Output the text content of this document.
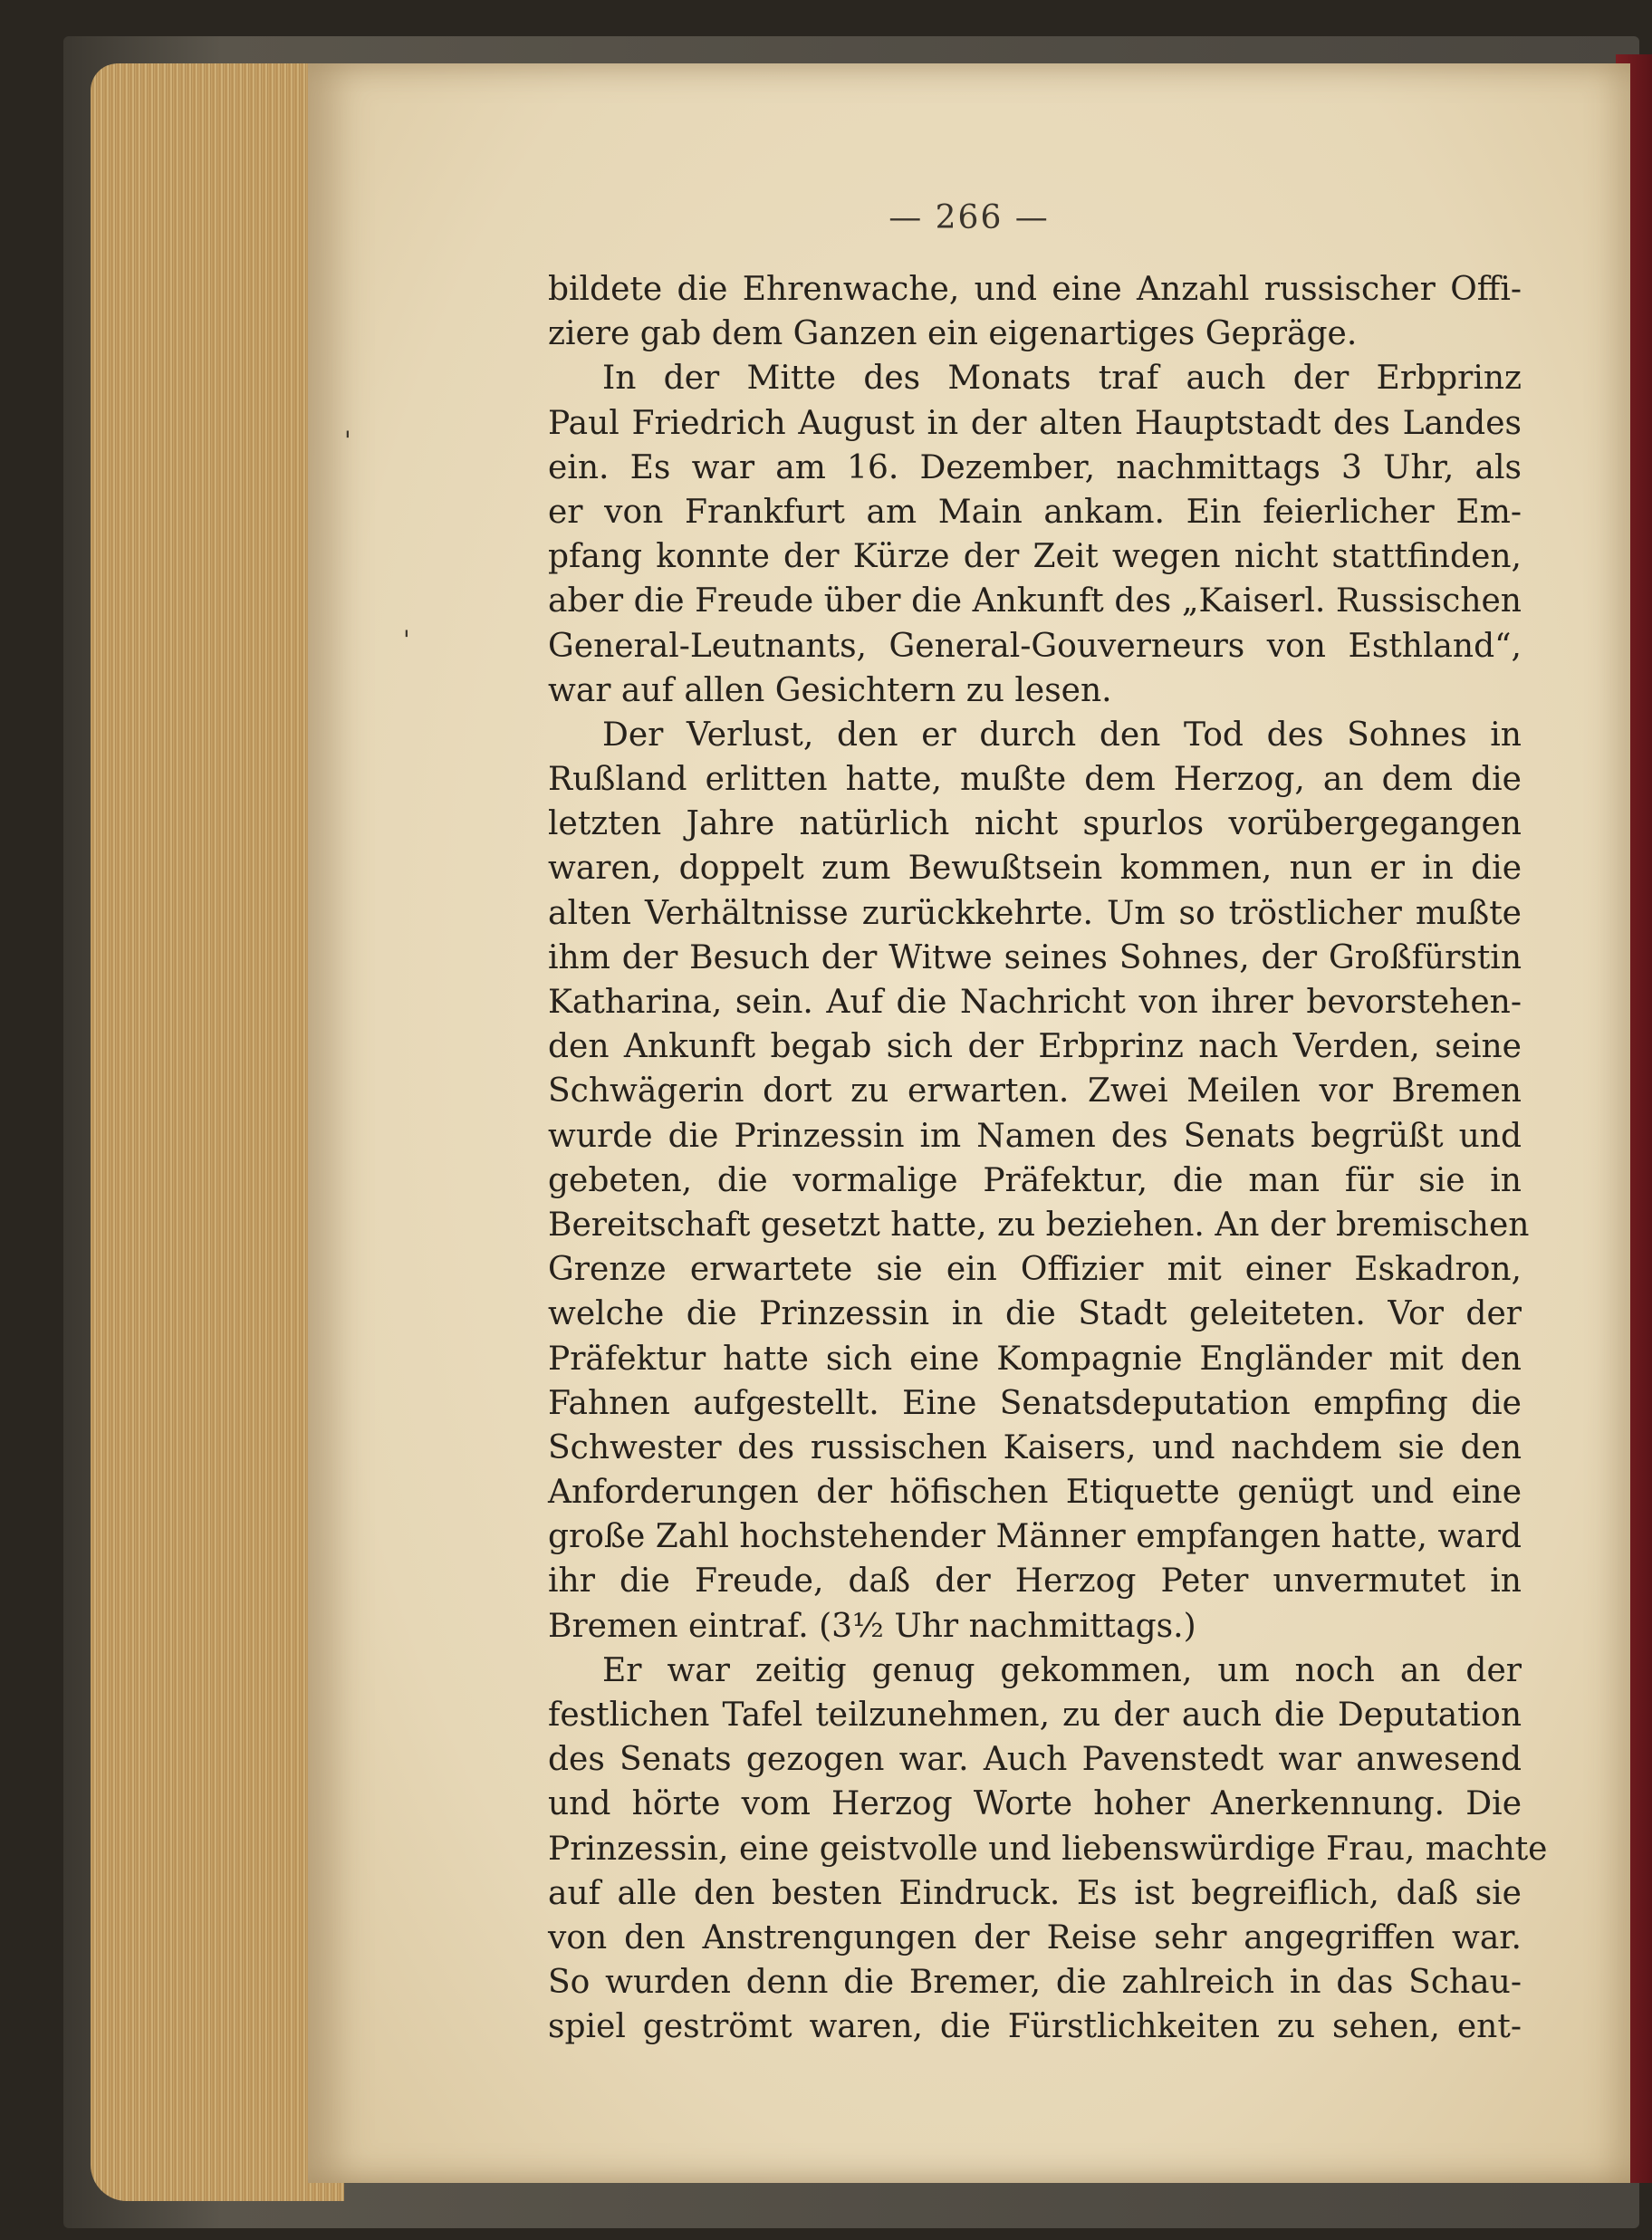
— 266 —
'
'
bildete die Ehrenwache, und eine Anzahl russischer Offi-
ziere gab dem Ganzen ein eigenartiges Gepräge.
In der Mitte des Monats traf auch der Erbprinz
Paul Friedrich August in der alten Hauptstadt des Landes
ein. Es war am 16. Dezember, nachmittags 3 Uhr, als
er von Frankfurt am Main ankam. Ein feierlicher Em-
pfang konnte der Kürze der Zeit wegen nicht stattfinden,
aber die Freude über die Ankunft des „Kaiserl. Russischen
General-Leutnants, General-Gouverneurs von Esthland“,
war auf allen Gesichtern zu lesen.
Der Verlust, den er durch den Tod des Sohnes in
Rußland erlitten hatte, mußte dem Herzog, an dem die
letzten Jahre natürlich nicht spurlos vorübergegangen
waren, doppelt zum Bewußtsein kommen, nun er in die
alten Verhältnisse zurückkehrte. Um so tröstlicher mußte
ihm der Besuch der Witwe seines Sohnes, der Großfürstin
Katharina, sein. Auf die Nachricht von ihrer bevorstehen-
den Ankunft begab sich der Erbprinz nach Verden, seine
Schwägerin dort zu erwarten. Zwei Meilen vor Bremen
wurde die Prinzessin im Namen des Senats begrüßt und
gebeten, die vormalige Präfektur, die man für sie in
Bereitschaft gesetzt hatte, zu beziehen. An der bremischen
Grenze erwartete sie ein Offizier mit einer Eskadron,
welche die Prinzessin in die Stadt geleiteten. Vor der
Präfektur hatte sich eine Kompagnie Engländer mit den
Fahnen aufgestellt. Eine Senatsdeputation empfing die
Schwester des russischen Kaisers, und nachdem sie den
Anforderungen der höfischen Etiquette genügt und eine
große Zahl hochstehender Männer empfangen hatte, ward
ihr die Freude, daß der Herzog Peter unvermutet in
Bremen eintraf. (3½ Uhr nachmittags.)
Er war zeitig genug gekommen, um noch an der
festlichen Tafel teilzunehmen, zu der auch die Deputation
des Senats gezogen war. Auch Pavenstedt war anwesend
und hörte vom Herzog Worte hoher Anerkennung. Die
Prinzessin, eine geistvolle und liebenswürdige Frau, machte
auf alle den besten Eindruck. Es ist begreiflich, daß sie
von den Anstrengungen der Reise sehr angegriffen war.
So wurden denn die Bremer, die zahlreich in das Schau-
spiel geströmt waren, die Fürstlichkeiten zu sehen, ent-
